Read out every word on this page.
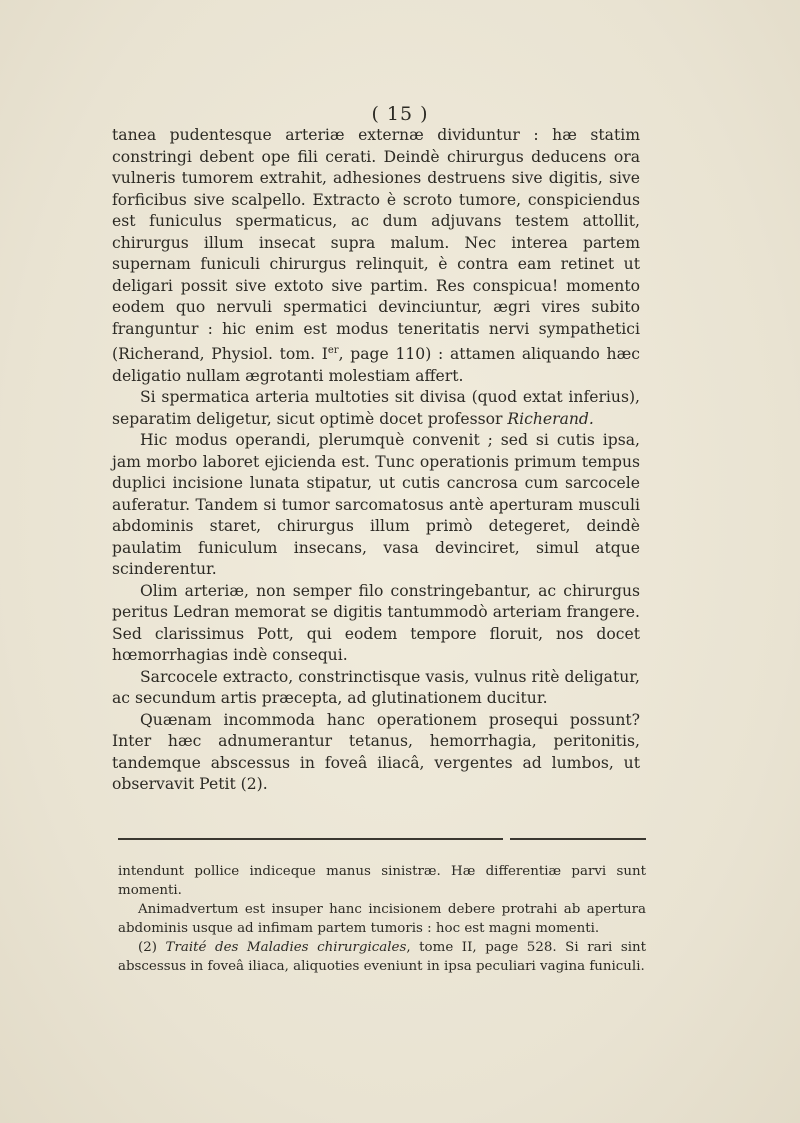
( 15 )

tanea pudentesque arteriæ externæ dividuntur : hæ statim constringi debent ope fili cerati. Deindè chirurgus deducens ora vulneris tumorem extrahit, adhesiones destruens sive digitis, sive forficibus sive scalpello. Extracto è scroto tumore, conspiciendus est funiculus spermaticus, ac dum adjuvans testem attollit, chirurgus illum insecat supra malum. Nec interea partem supernam funiculi chirurgus relinquit, è contra eam retinet ut deligari possit sive extoto sive partim. Res conspicua! momento eodem quo nervuli spermatici devinciuntur, ægri vires subito franguntur : hic enim est modus teneritatis nervi sympathetici (Richerand, Physiol. tom. Ier, page 110) : attamen aliquando hæc deligatio nullam ægrotanti molestiam affert.

Si spermatica arteria multoties sit divisa (quod extat inferius), separatim deligetur, sicut optimè docet professor Richerand.

Hic modus operandi, plerumquè convenit ; sed si cutis ipsa, jam morbo laboret ejicienda est. Tunc operationis primum tempus duplici incisione lunata stipatur, ut cutis cancrosa cum sarcocele auferatur. Tandem si tumor sarcomatosus antè aperturam musculi abdominis staret, chirurgus illum primò detegeret, deindè paulatim funiculum insecans, vasa devinciret, simul atque scinderentur.

Olim arteriæ, non semper filo constringebantur, ac chirurgus peritus Ledran memorat se digitis tantummodò arteriam frangere. Sed clarissimus Pott, qui eodem tempore floruit, nos docet hœmorrhagias indè consequi.

Sarcocele extracto, constrinctisque vasis, vulnus ritè deligatur, ac secundum artis præcepta, ad glutinationem ducitur.

Quænam incommoda hanc operationem prosequi possunt? Inter hæc adnumerantur tetanus, hemorrhagia, peritonitis, tandemque abscessus in foveâ iliacâ, vergentes ad lumbos, ut observavit Petit (2).

intendunt pollice indiceque manus sinistræ. Hæ differentiæ parvi sunt momenti.

Animadvertum est insuper hanc incisionem debere protrahi ab apertura abdominis usque ad infimam partem tumoris : hoc est magni momenti.

(2) Traité des Maladies chirurgicales, tome II, page 528. Si rari sint abscessus in foveâ iliaca, aliquoties eveniunt in ipsa peculiari vagina funiculi.
